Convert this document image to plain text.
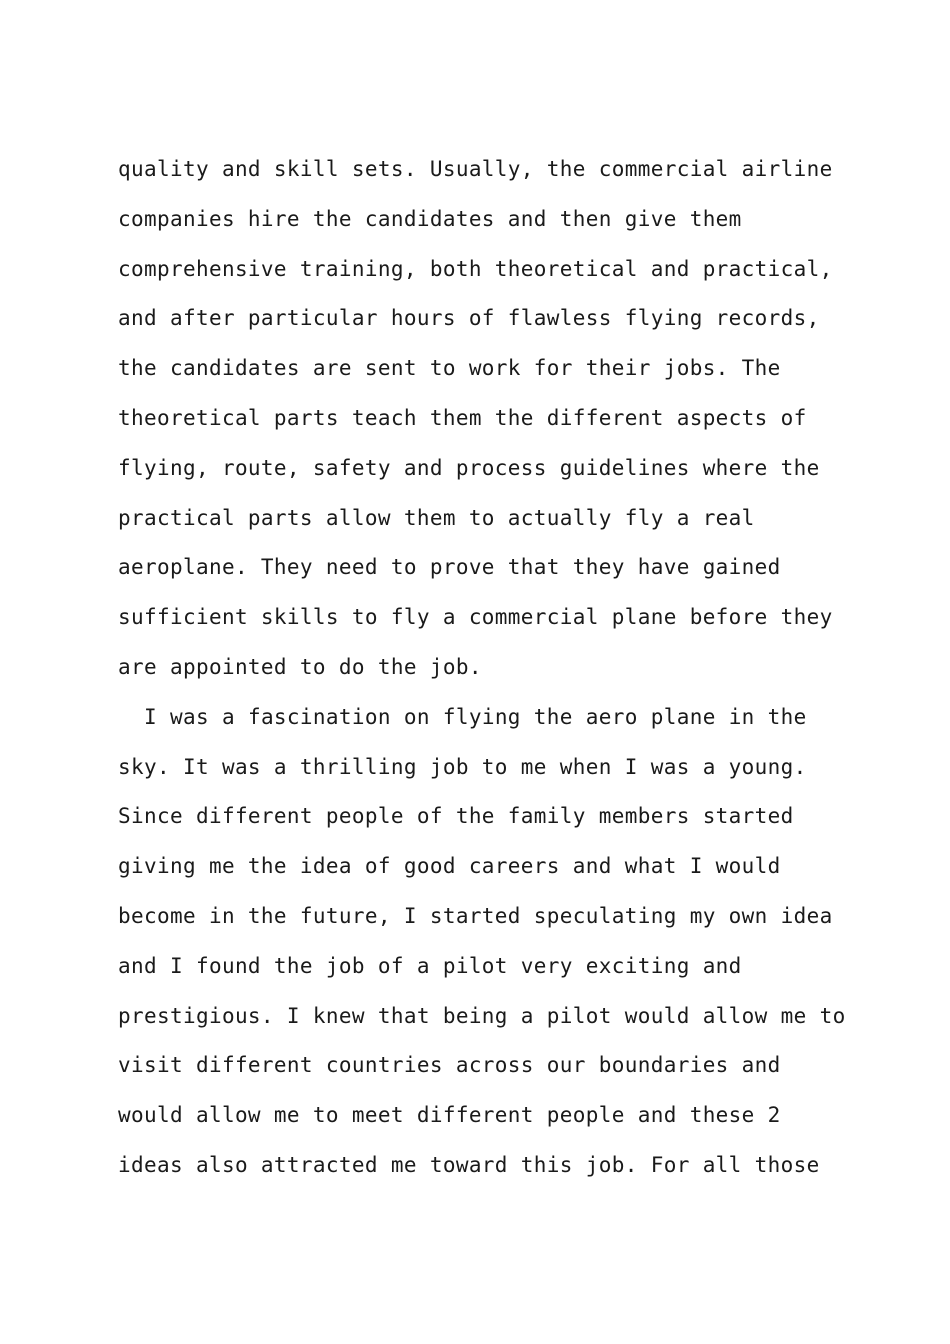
quality and skill sets. Usually, the commercial airline
companies hire the candidates and then give them
comprehensive training, both theoretical and practical,
and after particular hours of flawless flying records,
the candidates are sent to work for their jobs. The
theoretical parts teach them the different aspects of
flying, route, safety and process guidelines where the
practical parts allow them to actually fly a real
aeroplane. They need to prove that they have gained
sufficient skills to fly a commercial plane before they
are appointed to do the job.
I was a fascination on flying the aero plane in the
sky. It was a thrilling job to me when I was a young.
Since different people of the family members started
giving me the idea of good careers and what I would
become in the future, I started speculating my own idea
and I found the job of a pilot very exciting and
prestigious. I knew that being a pilot would allow me to
visit different countries across our boundaries and
would allow me to meet different people and these 2
ideas also attracted me toward this job. For all those
